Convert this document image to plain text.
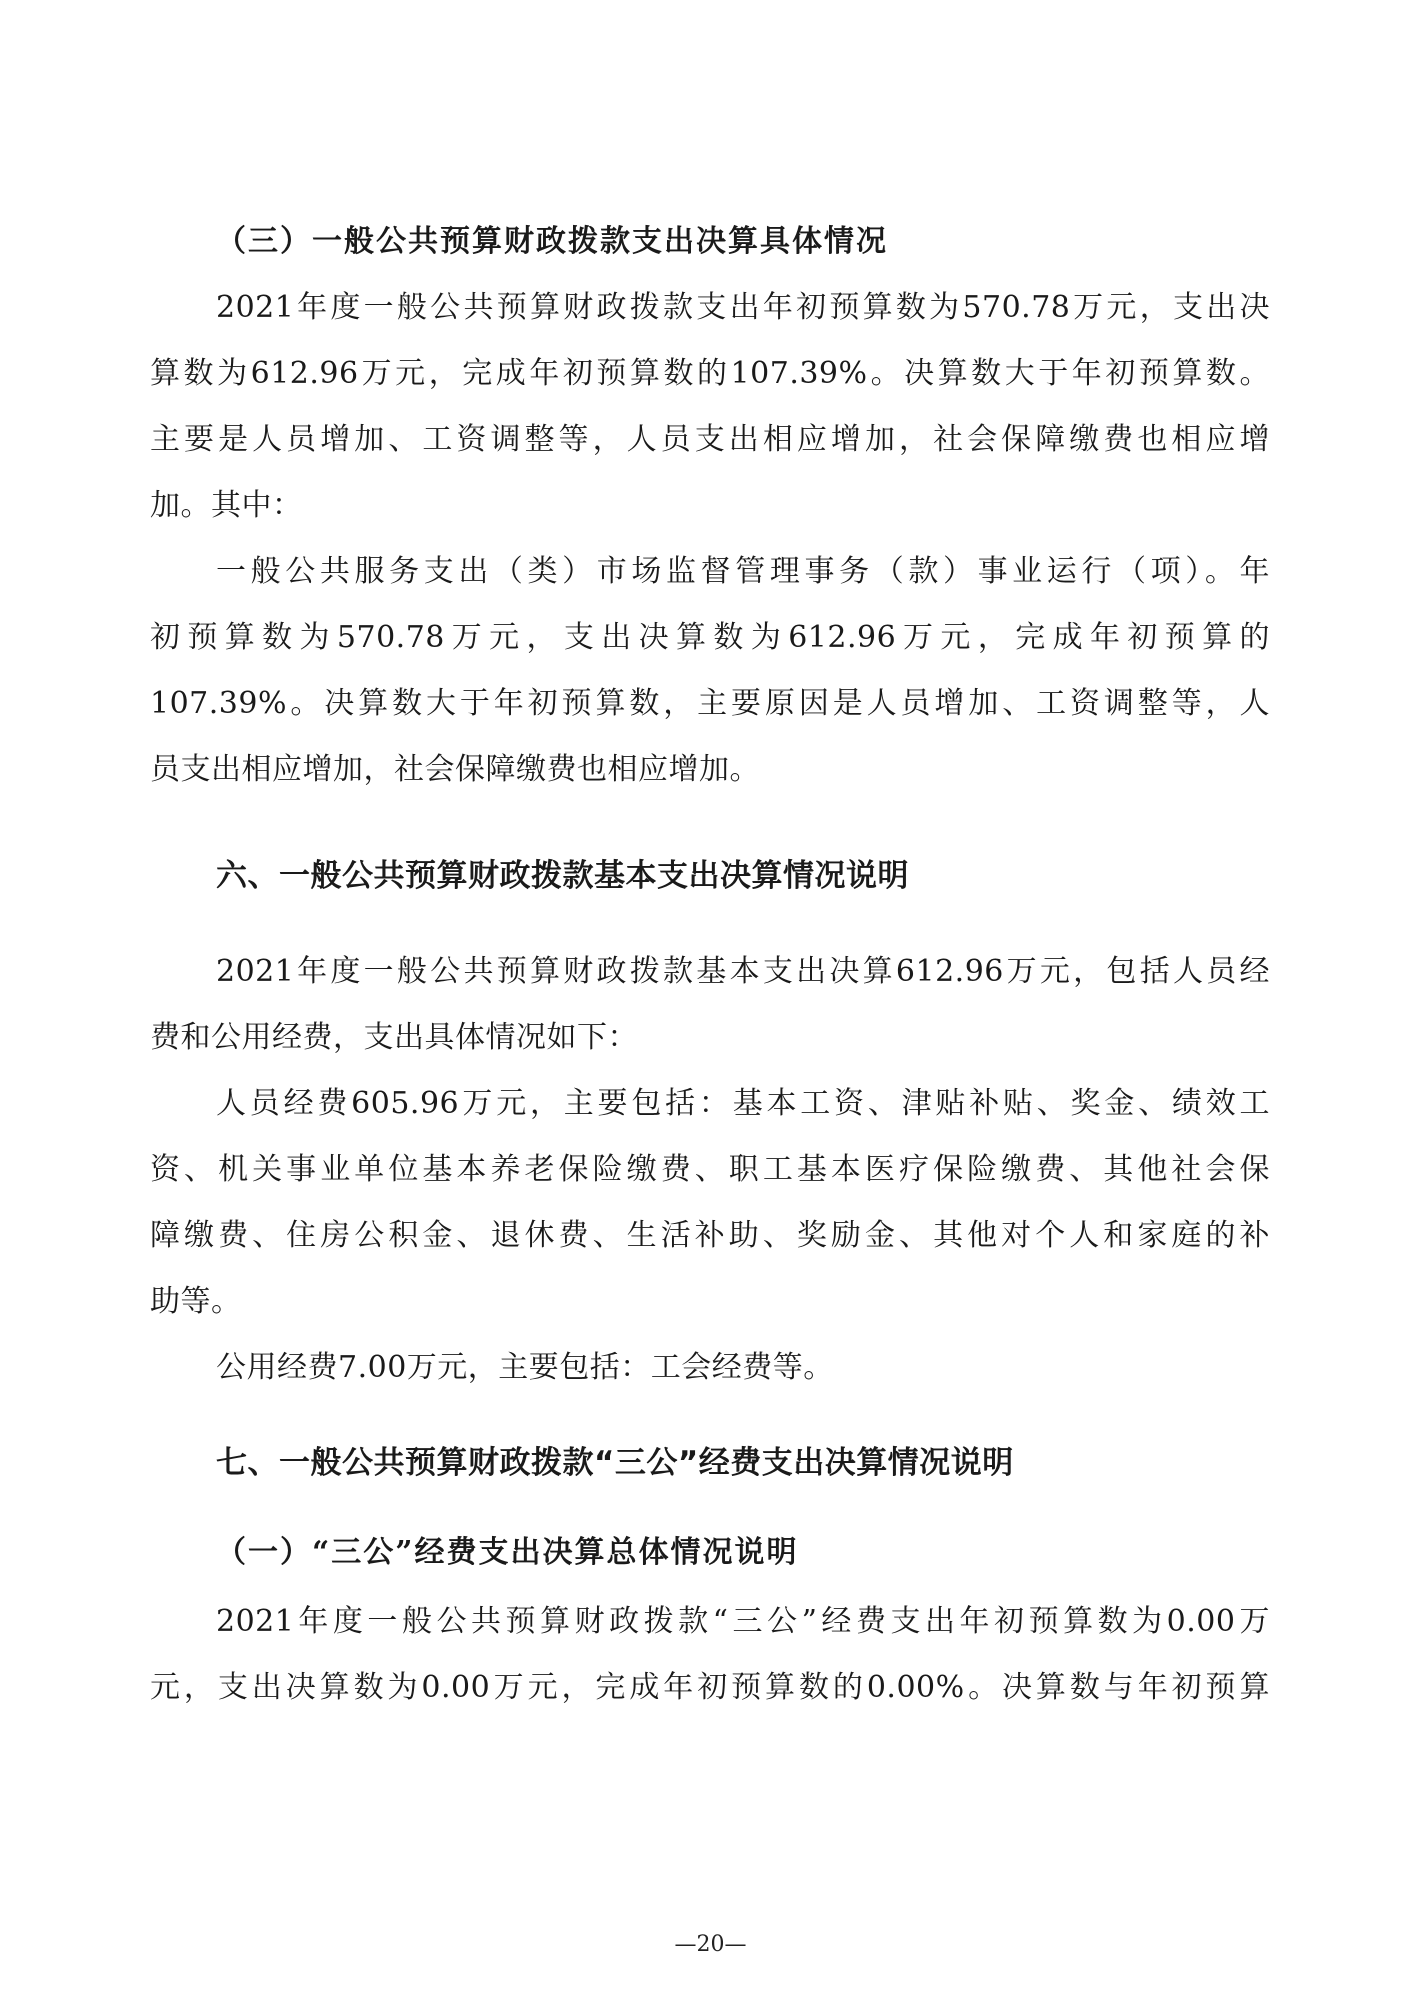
（三）一般公共预算财政拨款支出决算具体情况
2021年度一般公共预算财政拨款支出年初预算数为570.78万元，支出决
算数为612.96万元，完成年初预算数的107.39%。决算数大于年初预算数。
主要是人员增加、工资调整等，人员支出相应增加，社会保障缴费也相应增
加。其中：
一般公共服务支出（类）市场监督管理事务（款）事业运行（项）。年
初预算数为570.78万元，支出决算数为612.96万元，完成年初预算的
107.39%。决算数大于年初预算数，主要原因是人员增加、工资调整等，人
员支出相应增加，社会保障缴费也相应增加。
六、一般公共预算财政拨款基本支出决算情况说明
2021年度一般公共预算财政拨款基本支出决算612.96万元，包括人员经
费和公用经费，支出具体情况如下：
人员经费605.96万元，主要包括：基本工资、津贴补贴、奖金、绩效工
资、机关事业单位基本养老保险缴费、职工基本医疗保险缴费、其他社会保
障缴费、住房公积金、退休费、生活补助、奖励金、其他对个人和家庭的补
助等。
公用经费7.00万元，主要包括：工会经费等。
七、一般公共预算财政拨款“三公”经费支出决算情况说明
（一）“三公”经费支出决算总体情况说明
2021年度一般公共预算财政拨款“三公”经费支出年初预算数为0.00万
元，支出决算数为0.00万元，完成年初预算数的0.00%。决算数与年初预算
—20—
